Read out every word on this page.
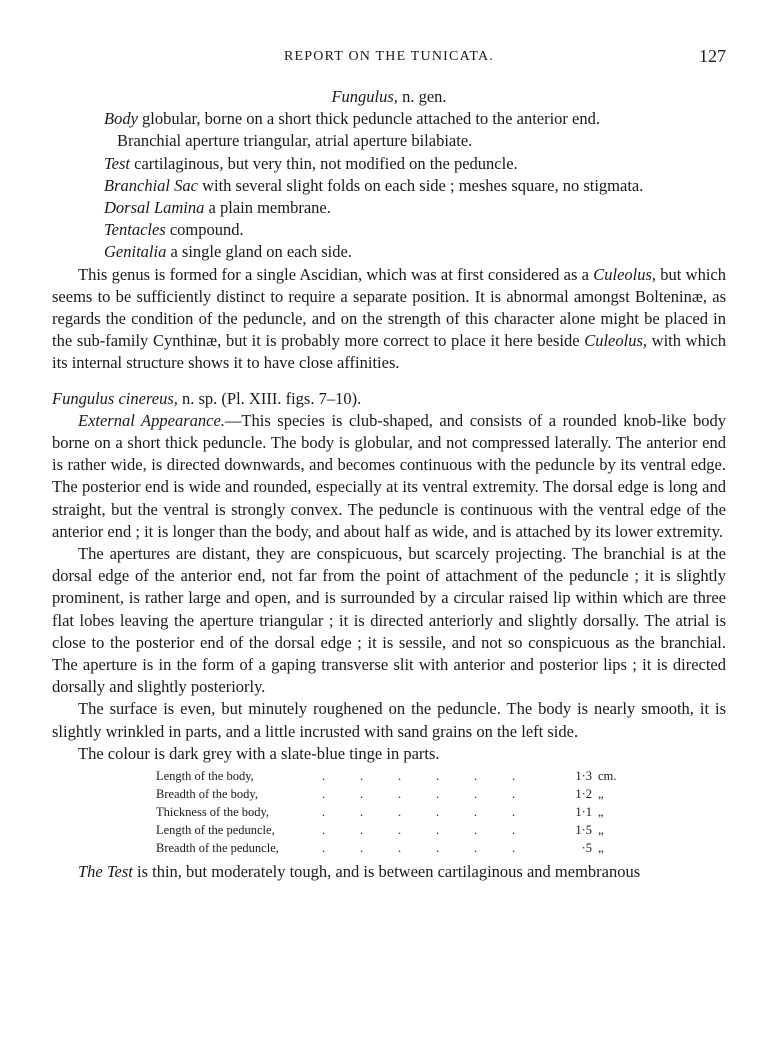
REPORT ON THE TUNICATA.	127

Fungulus, n. gen.

Body globular, borne on a short thick peduncle attached to the anterior end.

Branchial aperture triangular, atrial aperture bilabiate.

Test cartilaginous, but very thin, not modified on the peduncle.

Branchial Sac with several slight folds on each side ; meshes square, no stigmata.

Dorsal Lamina a plain membrane.

Tentacles compound.

Genitalia a single gland on each side.

This genus is formed for a single Ascidian, which was at first considered as a Culeolus, but which seems to be sufficiently distinct to require a separate position. It is abnormal amongst Bolteninæ, as regards the condition of the peduncle, and on the strength of this character alone might be placed in the sub-family Cynthinæ, but it is probably more correct to place it here beside Culeolus, with which its internal structure shows it to have close affinities.

Fungulus cinereus, n. sp. (Pl. XIII. figs. 7–10).

External Appearance.—This species is club-shaped, and consists of a rounded knob-like body borne on a short thick peduncle. The body is globular, and not compressed laterally. The anterior end is rather wide, is directed downwards, and becomes continuous with the peduncle by its ventral edge. The posterior end is wide and rounded, especially at its ventral extremity. The dorsal edge is long and straight, but the ventral is strongly convex. The peduncle is continuous with the ventral edge of the anterior end ; it is longer than the body, and about half as wide, and is attached by its lower extremity.

The apertures are distant, they are conspicuous, but scarcely projecting. The branchial is at the dorsal edge of the anterior end, not far from the point of attachment of the peduncle ; it is slightly prominent, is rather large and open, and is surrounded by a circular raised lip within which are three flat lobes leaving the aperture triangular ; it is directed anteriorly and slightly dorsally. The atrial is close to the posterior end of the dorsal edge ; it is sessile, and not so conspicuous as the branchial. The aperture is in the form of a gaping transverse slit with anterior and posterior lips ; it is directed dorsally and slightly posteriorly.

The surface is even, but minutely roughened on the peduncle. The body is nearly smooth, it is slightly wrinkled in parts, and a little incrusted with sand grains on the left side.

The colour is dark grey with a slate-blue tinge in parts.

Length of the body,	. . . . . .	1·3	cm.
Breadth of the body,	. . . . . .	1·2	„
Thickness of the body,	. . . . . .	1·1	„
Length of the peduncle,	. . . . . .	1·5	„
Breadth of the peduncle,	. . . . . .	·5	„

The Test is thin, but moderately tough, and is between cartilaginous and membranous
